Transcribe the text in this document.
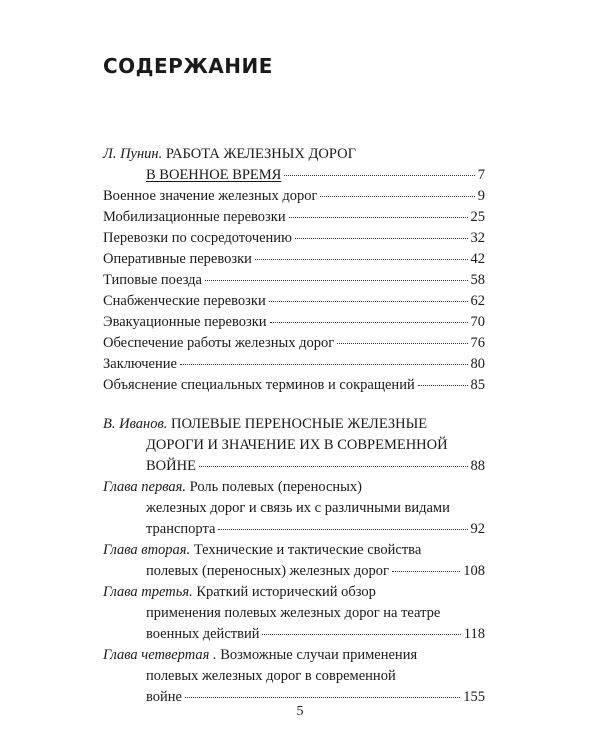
СОДЕРЖАНИЕ
Л. Пунин. РАБОТА ЖЕЛЕЗНЫХ ДОРОГ
В ВОЕННОЕ ВРЕМЯ	7
Военное значение железных дорог	9
Мобилизационные перевозки	25
Перевозки по сосредоточению	32
Оперативные перевозки	42
Типовые поезда	58
Снабженческие перевозки	62
Эвакуационные перевозки	70
Обеспечение работы железных дорог	76
Заключение	80
Объяснение специальных терминов и сокращений	85
В. Иванов. ПОЛЕВЫЕ ПЕРЕНОСНЫЕ ЖЕЛЕЗНЫЕ
ДОРОГИ И ЗНАЧЕНИЕ ИХ В СОВРЕМЕННОЙ
ВОЙНЕ	88
Глава первая. Роль полевых (переносных)
железных дорог и связь их с различными видами
транспорта	92
Глава вторая. Технические и тактические свойства
полевых (переносных) железных дорог	108
Глава третья. Краткий исторический обзор
применения полевых железных дорог на театре
военных действий	118
Глава четвертая . Возможные случаи применения
полевых железных дорог в современной
войне	155
5
